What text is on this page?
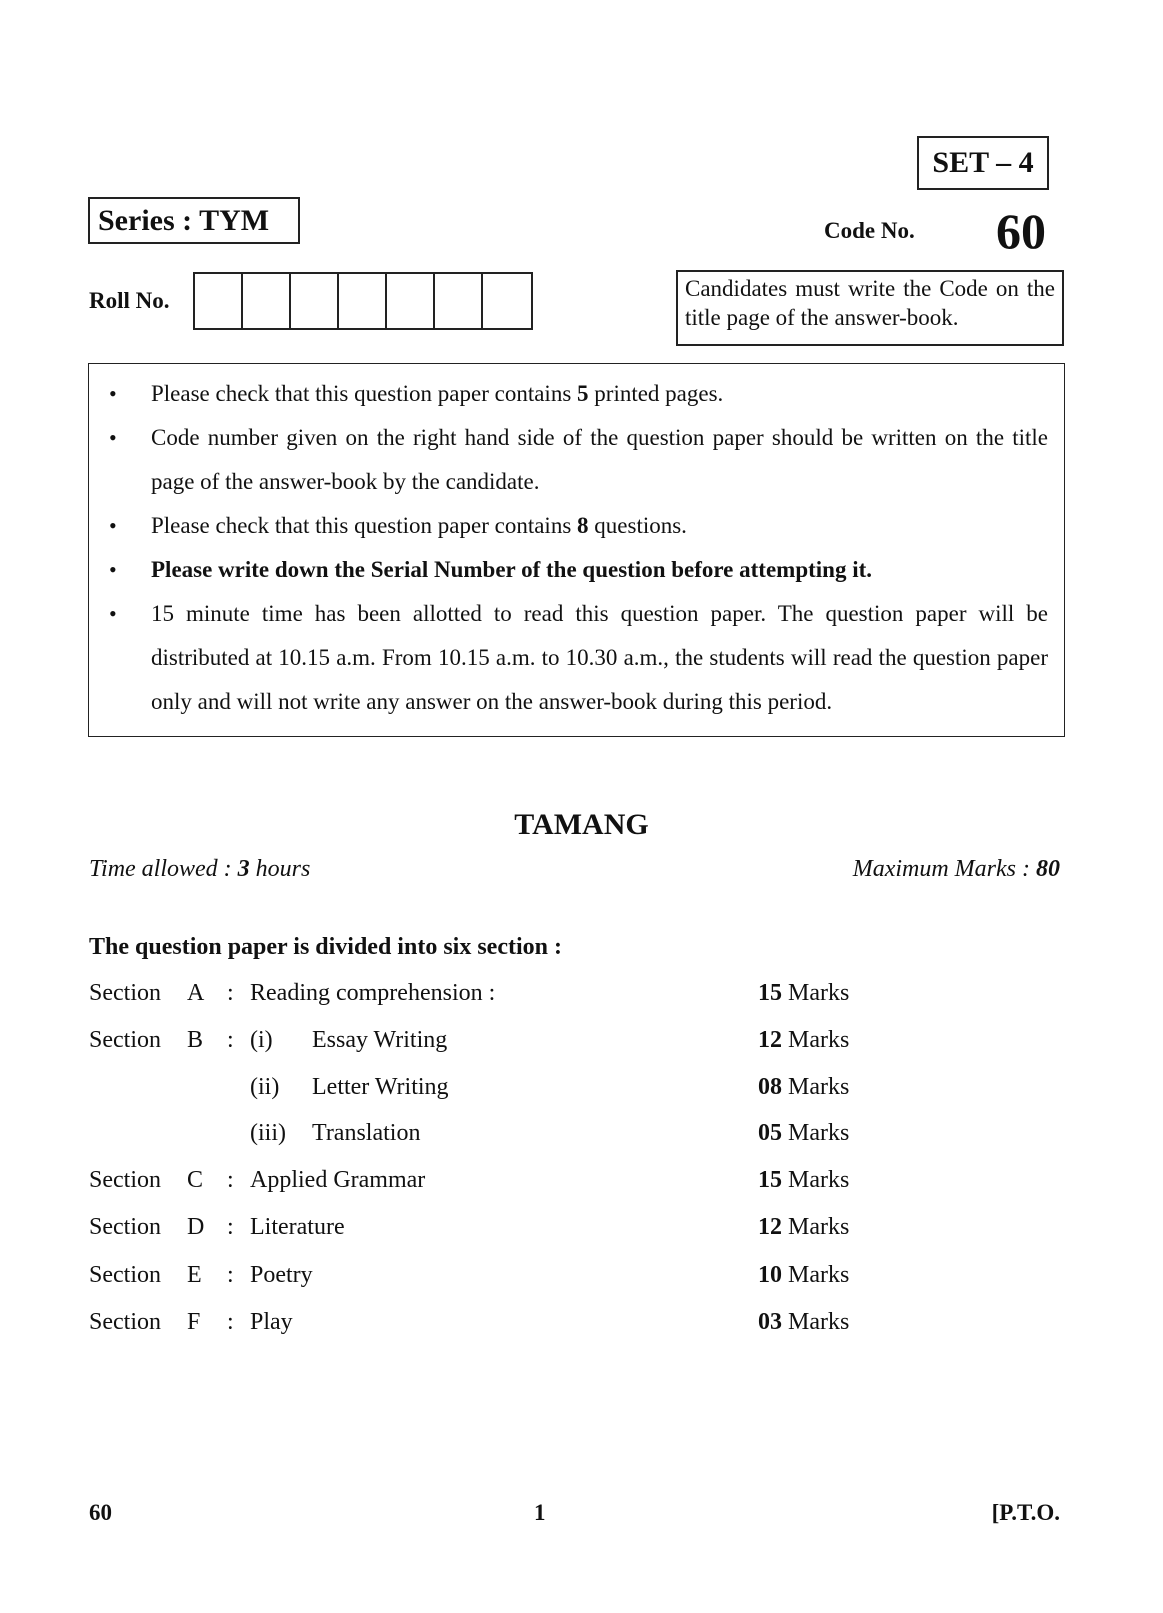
SET – 4
Series : TYM	Code No. 60
Roll No.	Candidates must write the Code on the title page of the answer-book.
• Please check that this question paper contains 5 printed pages.
• Code number given on the right hand side of the question paper should be written on the title page of the answer-book by the candidate.
• Please check that this question paper contains 8 questions.
• Please write down the Serial Number of the question before attempting it.
• 15 minute time has been allotted to read this question paper. The question paper will be distributed at 10.15 a.m. From 10.15 a.m. to 10.30 a.m., the students will read the question paper only and will not write any answer on the answer-book during this period.
TAMANG
Time allowed : 3 hours	Maximum Marks : 80
The question paper is divided into six section :
Section A : Reading comprehension :	15 Marks
Section B : (i) Essay Writing	12 Marks
(ii) Letter Writing	08 Marks
(iii) Translation	05 Marks
Section C : Applied Grammar	15 Marks
Section D : Literature	12 Marks
Section E : Poetry	10 Marks
Section F : Play	03 Marks
60	1	[P.T.O.
